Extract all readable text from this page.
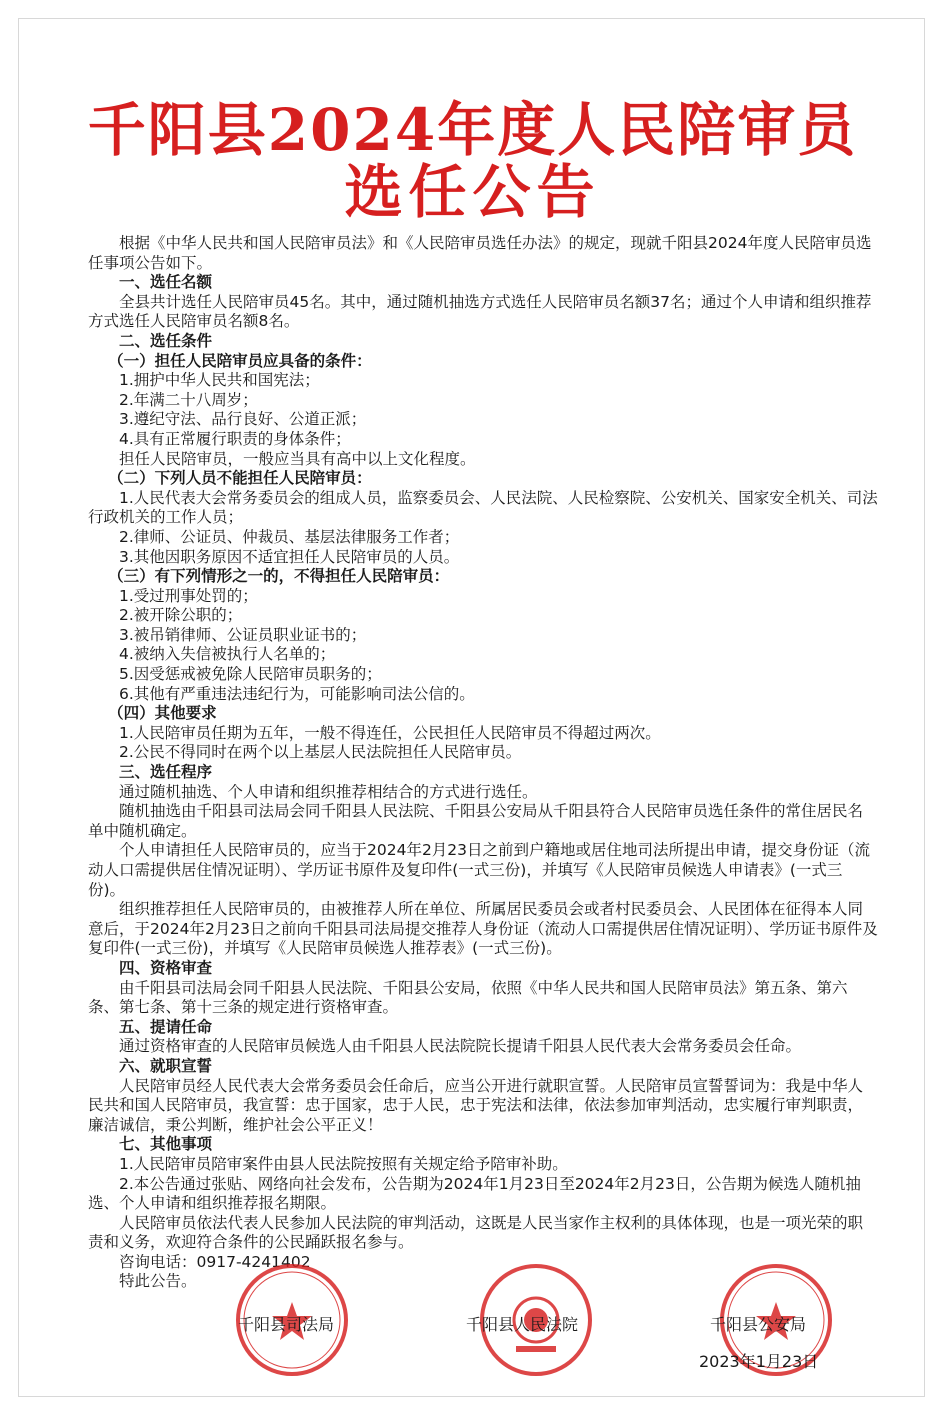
千阳县2024年度人民陪审员
选任公告

根据《中华人民共和国人民陪审员法》和《人民陪审员选任办法》的规定，现就千阳县2024年度人民陪审员选任事项公告如下。

一、选任名额

全县共计选任人民陪审员45名。其中，通过随机抽选方式选任人民陪审员名额37名；通过个人申请和组织推荐方式选任人民陪审员名额8名。

二、选任条件

（一）担任人民陪审员应具备的条件：

1.拥护中华人民共和国宪法；

2.年满二十八周岁；

3.遵纪守法、品行良好、公道正派；

4.具有正常履行职责的身体条件；

担任人民陪审员，一般应当具有高中以上文化程度。

（二）下列人员不能担任人民陪审员：

1.人民代表大会常务委员会的组成人员，监察委员会、人民法院、人民检察院、公安机关、国家安全机关、司法行政机关的工作人员；

2.律师、公证员、仲裁员、基层法律服务工作者；

3.其他因职务原因不适宜担任人民陪审员的人员。

（三）有下列情形之一的，不得担任人民陪审员：

1.受过刑事处罚的；

2.被开除公职的；

3.被吊销律师、公证员职业证书的；

4.被纳入失信被执行人名单的；

5.因受惩戒被免除人民陪审员职务的；

6.其他有严重违法违纪行为，可能影响司法公信的。

（四）其他要求

1.人民陪审员任期为五年，一般不得连任，公民担任人民陪审员不得超过两次。

2.公民不得同时在两个以上基层人民法院担任人民陪审员。

三、选任程序

通过随机抽选、个人申请和组织推荐相结合的方式进行选任。

随机抽选由千阳县司法局会同千阳县人民法院、千阳县公安局从千阳县符合人民陪审员选任条件的常住居民名单中随机确定。

个人申请担任人民陪审员的，应当于2024年2月23日之前到户籍地或居住地司法所提出申请，提交身份证（流动人口需提供居住情况证明）、学历证书原件及复印件(一式三份)，并填写《人民陪审员候选人申请表》(一式三份)。

组织推荐担任人民陪审员的，由被推荐人所在单位、所属居民委员会或者村民委员会、人民团体在征得本人同意后，于2024年2月23日之前向千阳县司法局提交推荐人身份证（流动人口需提供居住情况证明）、学历证书原件及复印件(一式三份)，并填写《人民陪审员候选人推荐表》(一式三份)。

四、资格审查

由千阳县司法局会同千阳县人民法院、千阳县公安局，依照《中华人民共和国人民陪审员法》第五条、第六条、第七条、第十三条的规定进行资格审查。

五、提请任命

通过资格审查的人民陪审员候选人由千阳县人民法院院长提请千阳县人民代表大会常务委员会任命。

六、就职宣誓

人民陪审员经人民代表大会常务委员会任命后，应当公开进行就职宣誓。人民陪审员宣誓誓词为：我是中华人民共和国人民陪审员，我宣誓：忠于国家，忠于人民，忠于宪法和法律，依法参加审判活动，忠实履行审判职责，廉洁诚信，秉公判断，维护社会公平正义！

七、其他事项

1.人民陪审员陪审案件由县人民法院按照有关规定给予陪审补助。

2.本公告通过张贴、网络向社会发布，公告期为2024年1月23日至2024年2月23日，公告期为候选人随机抽选、个人申请和组织推荐报名期限。

人民陪审员依法代表人民参加人民法院的审判活动，这既是人民当家作主权利的具体体现，也是一项光荣的职责和义务，欢迎符合条件的公民踊跃报名参与。

咨询电话：0917-4241402

特此公告。

千阳县司法局	千阳县人民法院	千阳县公安局
2023年1月23日
